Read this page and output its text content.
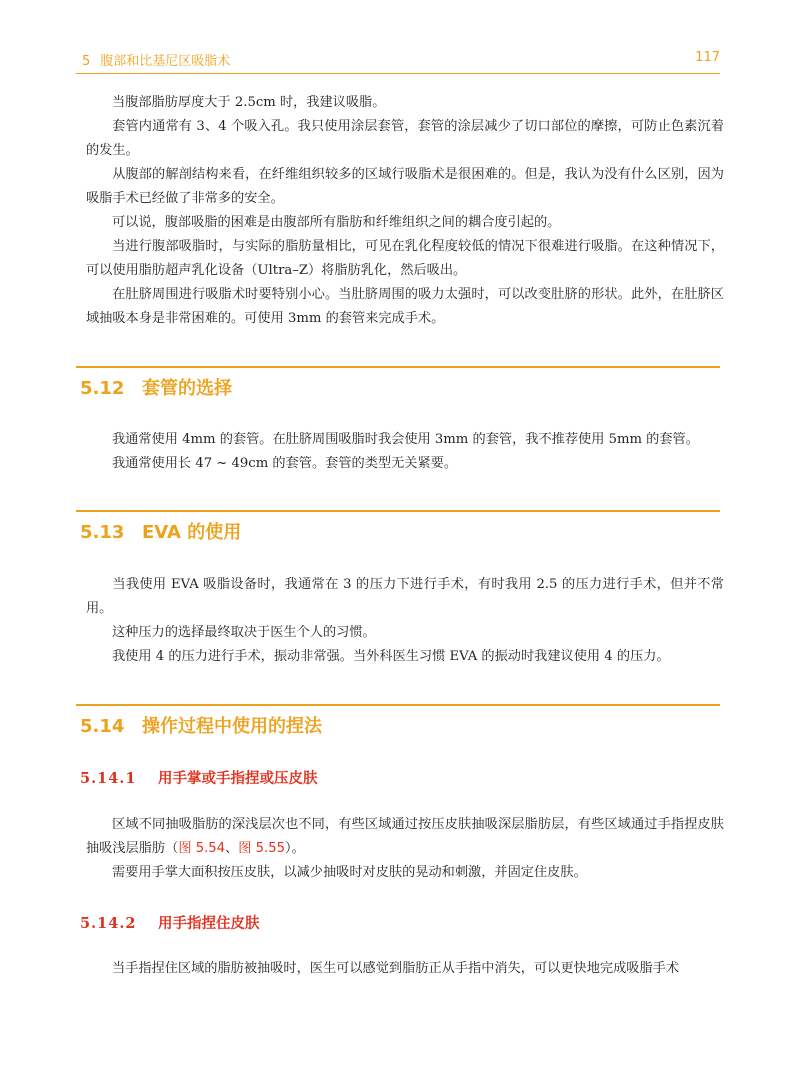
5 腹部和比基尼区吸脂术	117
当腹部脂肪厚度大于 2.5cm 时，我建议吸脂。
套管内通常有 3、4 个吸入孔。我只使用涂层套管，套管的涂层减少了切口部位的摩擦，可防止色素沉着的发生。
从腹部的解剖结构来看，在纤维组织较多的区域行吸脂术是很困难的。但是，我认为没有什么区别，因为吸脂手术已经做了非常多的安全。
可以说，腹部吸脂的困难是由腹部所有脂肪和纤维组织之间的耦合度引起的。
当进行腹部吸脂时，与实际的脂肪量相比，可见在乳化程度较低的情况下很难进行吸脂。在这种情况下，可以使用脂肪超声乳化设备（Ultra–Z）将脂肪乳化，然后吸出。
在肚脐周围进行吸脂术时要特别小心。当肚脐周围的吸力太强时，可以改变肚脐的形状。此外，在肚脐区域抽吸本身是非常困难的。可使用 3mm 的套管来完成手术。
5.12 套管的选择
我通常使用 4mm 的套管。在肚脐周围吸脂时我会使用 3mm 的套管，我不推荐使用 5mm 的套管。
我通常使用长 47 ~ 49cm 的套管。套管的类型无关紧要。
5.13 EVA 的使用
当我使用 EVA 吸脂设备时，我通常在 3 的压力下进行手术，有时我用 2.5 的压力进行手术，但并不常用。
这种压力的选择最终取决于医生个人的习惯。
我使用 4 的压力进行手术，振动非常强。当外科医生习惯 EVA 的振动时我建议使用 4 的压力。
5.14 操作过程中使用的捏法
5.14.1 用手掌或手指捏或压皮肤
区域不同抽吸脂肪的深浅层次也不同，有些区域通过按压皮肤抽吸深层脂肪层，有些区域通过手指捏皮肤抽吸浅层脂肪（图 5.54、图 5.55）。
需要用手掌大面积按压皮肤，以减少抽吸时对皮肤的晃动和刺激，并固定住皮肤。
5.14.2 用手指捏住皮肤
当手指捏住区域的脂肪被抽吸时，医生可以感觉到脂肪正从手指中消失，可以更快地完成吸脂手术
